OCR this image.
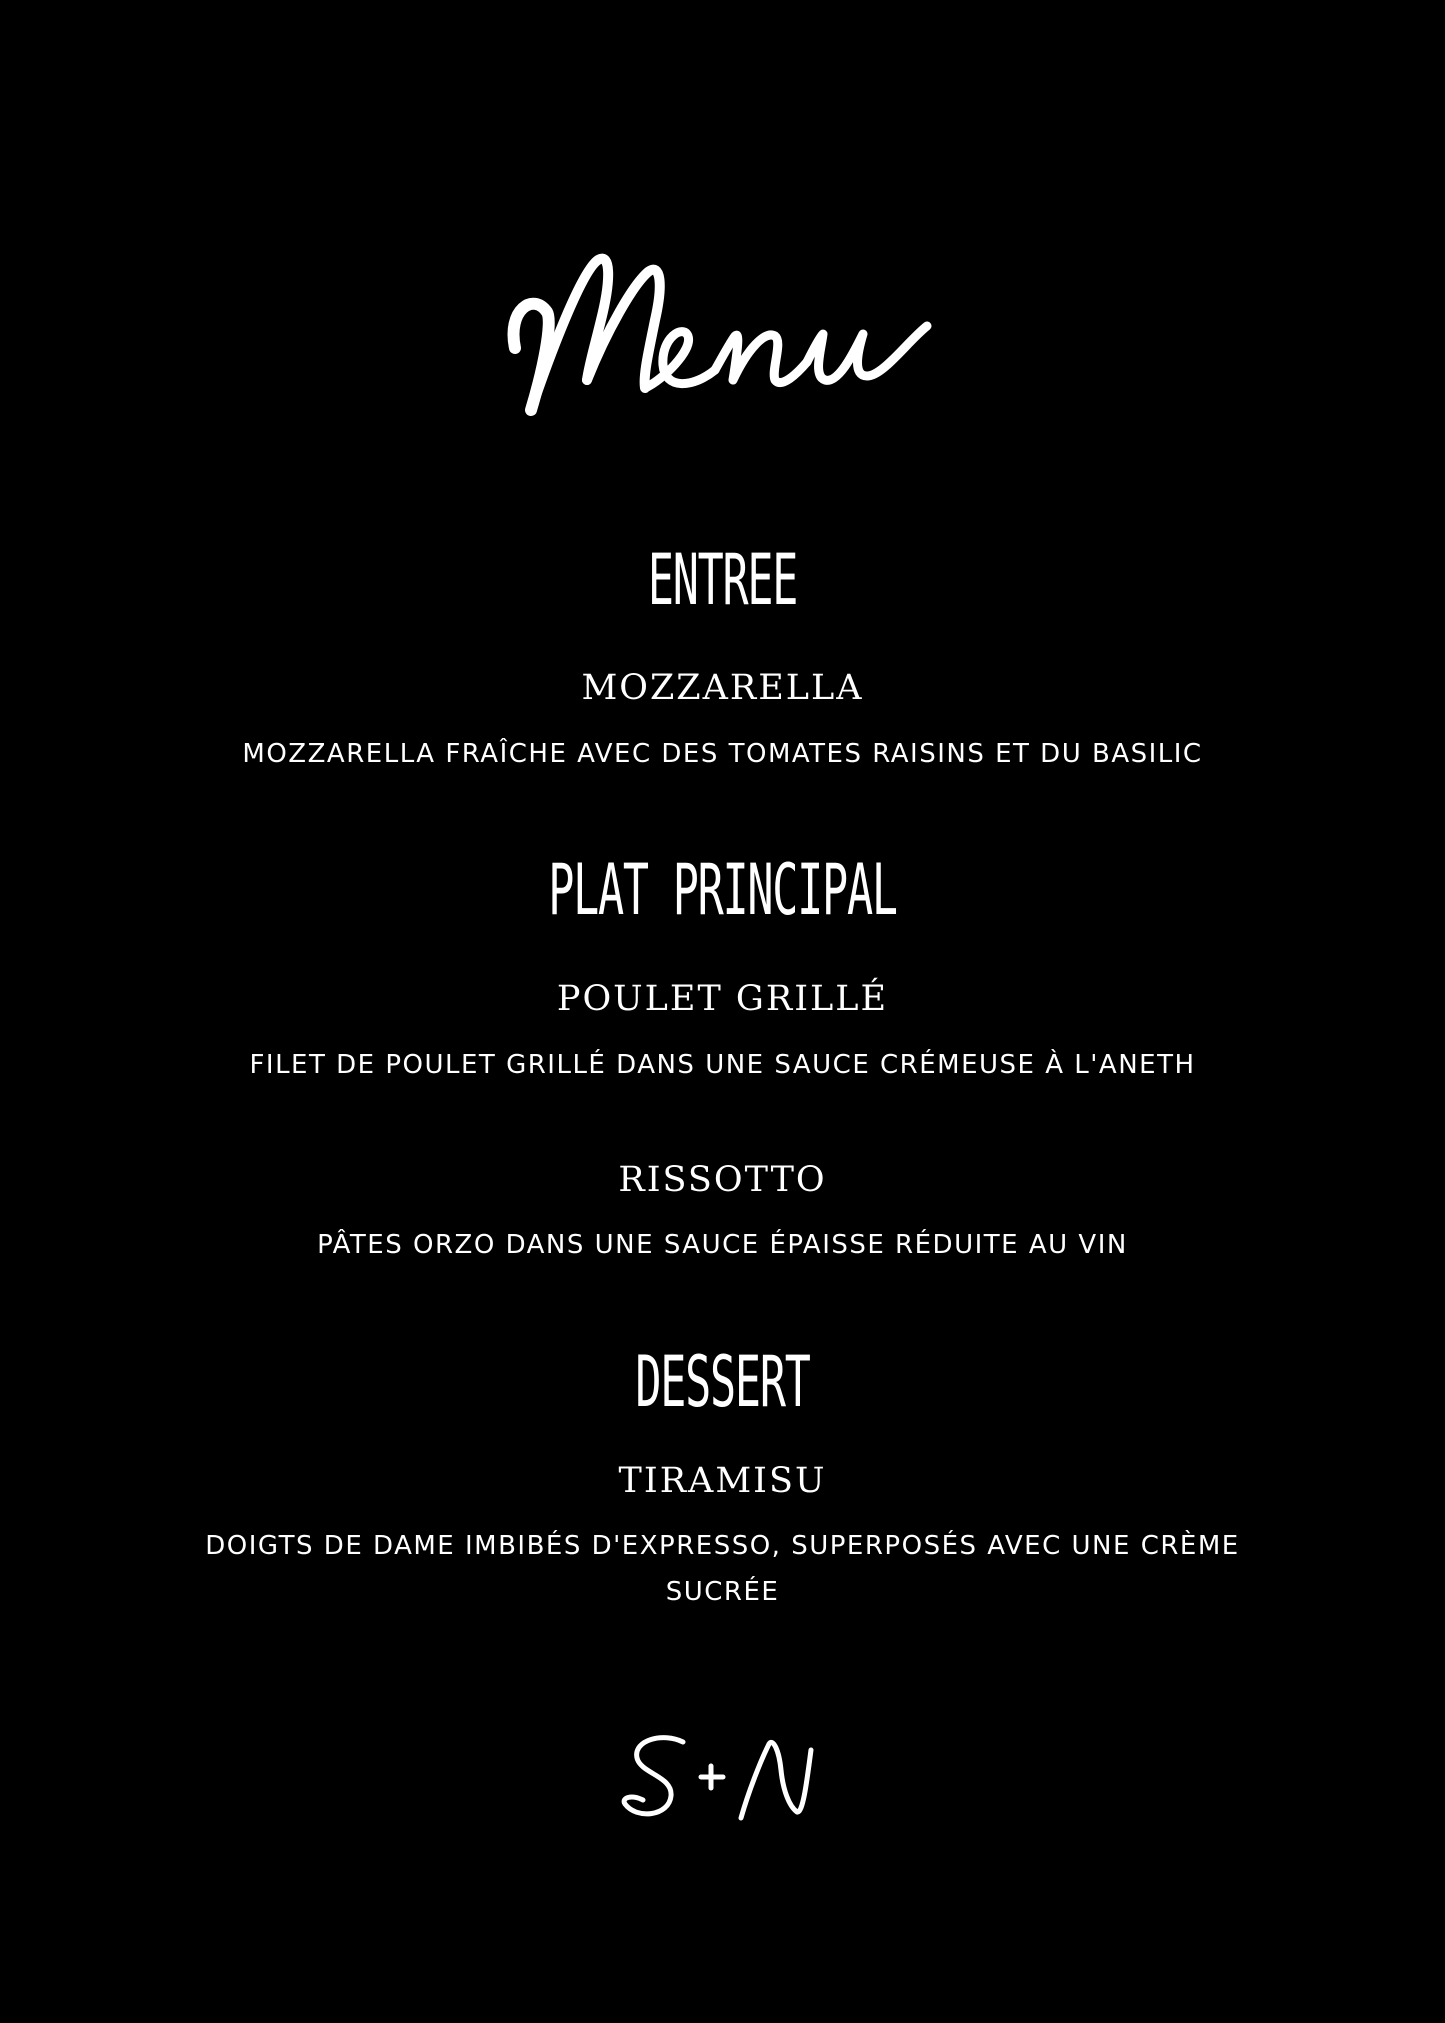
ENTREE
MOZZARELLA
MOZZARELLA FRAÎCHE AVEC DES TOMATES RAISINS ET DU BASILIC
PLAT PRINCIPAL
POULET GRILLÉ
FILET DE POULET GRILLÉ DANS UNE SAUCE CRÉMEUSE À L'ANETH
RISSOTTO
PÂTES ORZO DANS UNE SAUCE ÉPAISSE RÉDUITE AU VIN
DESSERT
TIRAMISU
DOIGTS DE DAME IMBIBÉS D'EXPRESSO, SUPERPOSÉS AVEC UNE CRÈME SUCRÉE
